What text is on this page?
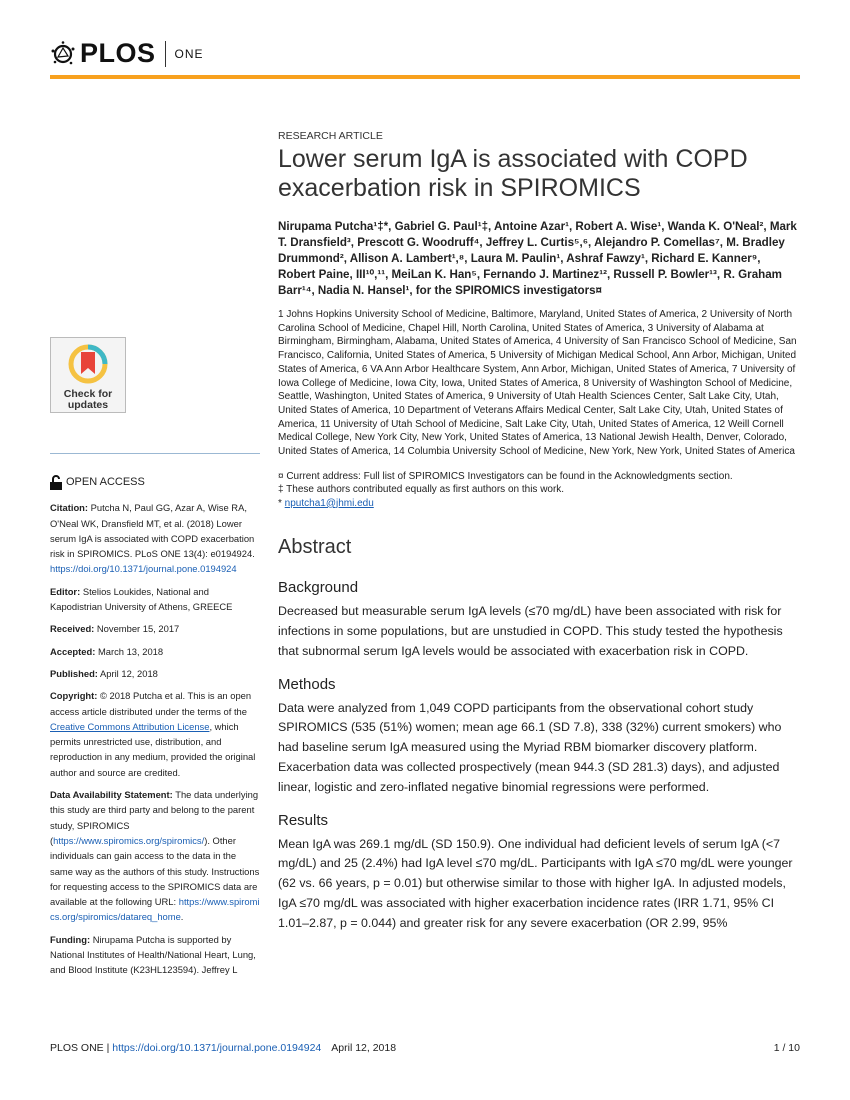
PLOS ONE
Check for
updates

OPEN ACCESS

Citation: Putcha N, Paul GG, Azar A, Wise RA, O'Neal WK, Dransfield MT, et al. (2018) Lower serum IgA is associated with COPD exacerbation risk in SPIROMICS. PLoS ONE 13(4): e0194924. https://doi.org/10.1371/journal.pone.0194924

Editor: Stelios Loukides, National and Kapodistrian University of Athens, GREECE

Received: November 15, 2017

Accepted: March 13, 2018

Published: April 12, 2018

Copyright: © 2018 Putcha et al. This is an open access article distributed under the terms of the Creative Commons Attribution License, which permits unrestricted use, distribution, and reproduction in any medium, provided the original author and source are credited.

Data Availability Statement: The data underlying this study are third party and belong to the parent study, SPIROMICS (https://www.spiromics.org/spiromics/). Other individuals can gain access to the data in the same way as the authors of this study. Instructions for requesting access to the SPIROMICS data are available at the following URL: https://www.spiromics.org/spiromics/datareq_home.

Funding: Nirupama Putcha is supported by National Institutes of Health/National Heart, Lung, and Blood Institute (K23HL123594). Jeffrey L

RESEARCH ARTICLE
Lower serum IgA is associated with COPD exacerbation risk in SPIROMICS
Nirupama Putcha¹‡*, Gabriel G. Paul¹‡, Antoine Azar¹, Robert A. Wise¹, Wanda K. O'Neal², Mark T. Dransfield³, Prescott G. Woodruff⁴, Jeffrey L. Curtis⁵,⁶, Alejandro P. Comellas⁷, M. Bradley Drummond², Allison A. Lambert¹,⁸, Laura M. Paulin¹, Ashraf Fawzy¹, Richard E. Kanner⁹, Robert Paine, III¹⁰,¹¹, MeiLan K. Han⁵, Fernando J. Martinez¹², Russell P. Bowler¹³, R. Graham Barr¹⁴, Nadia N. Hansel¹, for the SPIROMICS investigators¤
1 Johns Hopkins University School of Medicine, Baltimore, Maryland, United States of America, 2 University of North Carolina School of Medicine, Chapel Hill, North Carolina, United States of America, 3 University of Alabama at Birmingham, Birmingham, Alabama, United States of America, 4 University of San Francisco School of Medicine, San Francisco, California, United States of America, 5 University of Michigan Medical School, Ann Arbor, Michigan, United States of America, 6 VA Ann Arbor Healthcare System, Ann Arbor, Michigan, United States of America, 7 University of Iowa College of Medicine, Iowa City, Iowa, United States of America, 8 University of Washington School of Medicine, Seattle, Washington, United States of America, 9 University of Utah Health Sciences Center, Salt Lake City, Utah, United States of America, 10 Department of Veterans Affairs Medical Center, Salt Lake City, Utah, United States of America, 11 University of Utah School of Medicine, Salt Lake City, Utah, United States of America, 12 Weill Cornell Medical College, New York City, New York, United States of America, 13 National Jewish Health, Denver, Colorado, United States of America, 14 Columbia University School of Medicine, New York, New York, United States of America
¤ Current address: Full list of SPIROMICS Investigators can be found in the Acknowledgments section.
‡ These authors contributed equally as first authors on this work.
* nputcha1@jhmi.edu
Abstract
Background

Decreased but measurable serum IgA levels (≤70 mg/dL) have been associated with risk for infections in some populations, but are unstudied in COPD. This study tested the hypothesis that subnormal serum IgA levels would be associated with exacerbation risk in COPD.

Methods

Data were analyzed from 1,049 COPD participants from the observational cohort study SPIROMICS (535 (51%) women; mean age 66.1 (SD 7.8), 338 (32%) current smokers) who had baseline serum IgA measured using the Myriad RBM biomarker discovery platform. Exacerbation data was collected prospectively (mean 944.3 (SD 281.3) days), and adjusted linear, logistic and zero-inflated negative binomial regressions were performed.

Results

Mean IgA was 269.1 mg/dL (SD 150.9). One individual had deficient levels of serum IgA (<7 mg/dL) and 25 (2.4%) had IgA level ≤70 mg/dL. Participants with IgA ≤70 mg/dL were younger (62 vs. 66 years, p = 0.01) but otherwise similar to those with higher IgA. In adjusted models, IgA ≤70 mg/dL was associated with higher exacerbation incidence rates (IRR 1.71, 95% CI 1.01–2.87, p = 0.044) and greater risk for any severe exacerbation (OR 2.99, 95%

PLOS ONE | https://doi.org/10.1371/journal.pone.0194924 April 12, 2018	1 / 10
